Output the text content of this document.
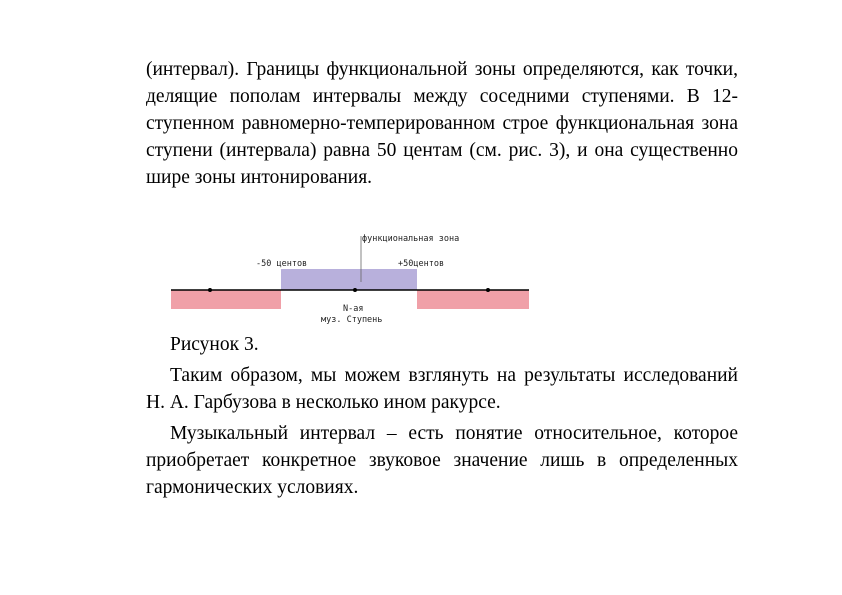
(интервал). Границы функциональной зоны определяются, как точки, делящие пополам интервалы между соседними ступенями. В 12-ступенном равномерно-темперированном строе функциональная зона ступени (интервала) равна 50 центам (см. рис. 3), и она существенно шире зоны интонирования.

функциональная зона
-50 центов	+50центов
N-ая
муз. Ступень

Рисунок 3.

Таким образом, мы можем взглянуть на результаты исследований Н. А. Гарбузова в несколько ином ракурсе.

Музыкальный интервал – есть понятие относительное, которое приобретает конкретное звуковое значение лишь в определенных гармонических условиях.
